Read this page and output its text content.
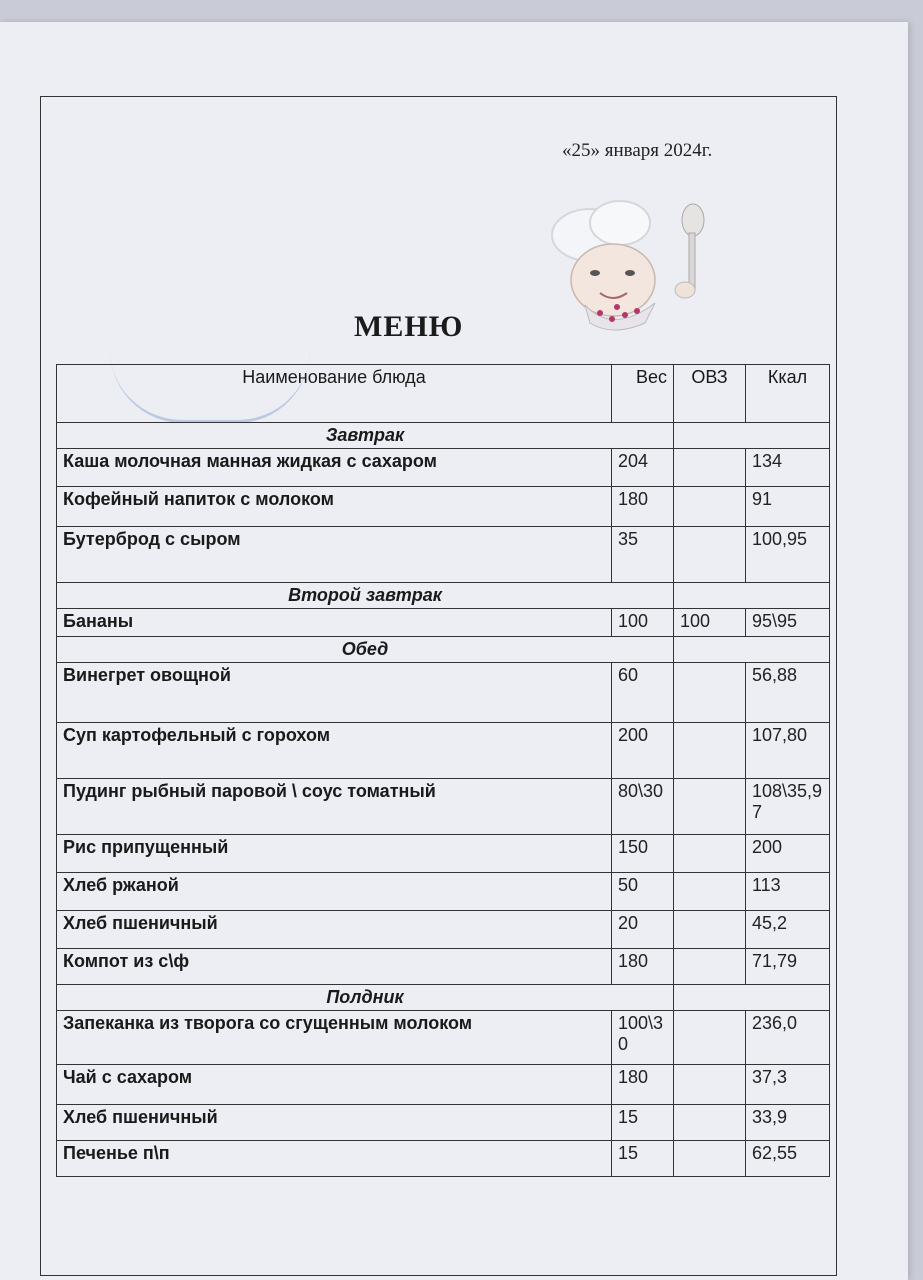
«25» января 2024г.
МЕНЮ
Наименование блюда	Вес	ОВЗ	Ккал
Завтрак			
Каша молочная манная жидкая с сахаром	204		134
Кофейный напиток с молоком	180		91
Бутерброд с сыром	35		100,95
Второй завтрак			
Бананы	100	100	95\95
Обед			
Винегрет овощной	60		56,88
Суп картофельный с горохом	200		107,80
Пудинг рыбный паровой \ соус томатный	80\30		108\35,97
Рис припущенный	150		200
Хлеб ржаной	50		113
Хлеб пшеничный	20		45,2
Компот из с\ф	180		71,79
Полдник			
Запеканка из творога со сгущенным молоком	100\30		236,0
Чай с сахаром	180		37,3
Хлеб пшеничный	15		33,9
Печенье п\п	15		62,55
